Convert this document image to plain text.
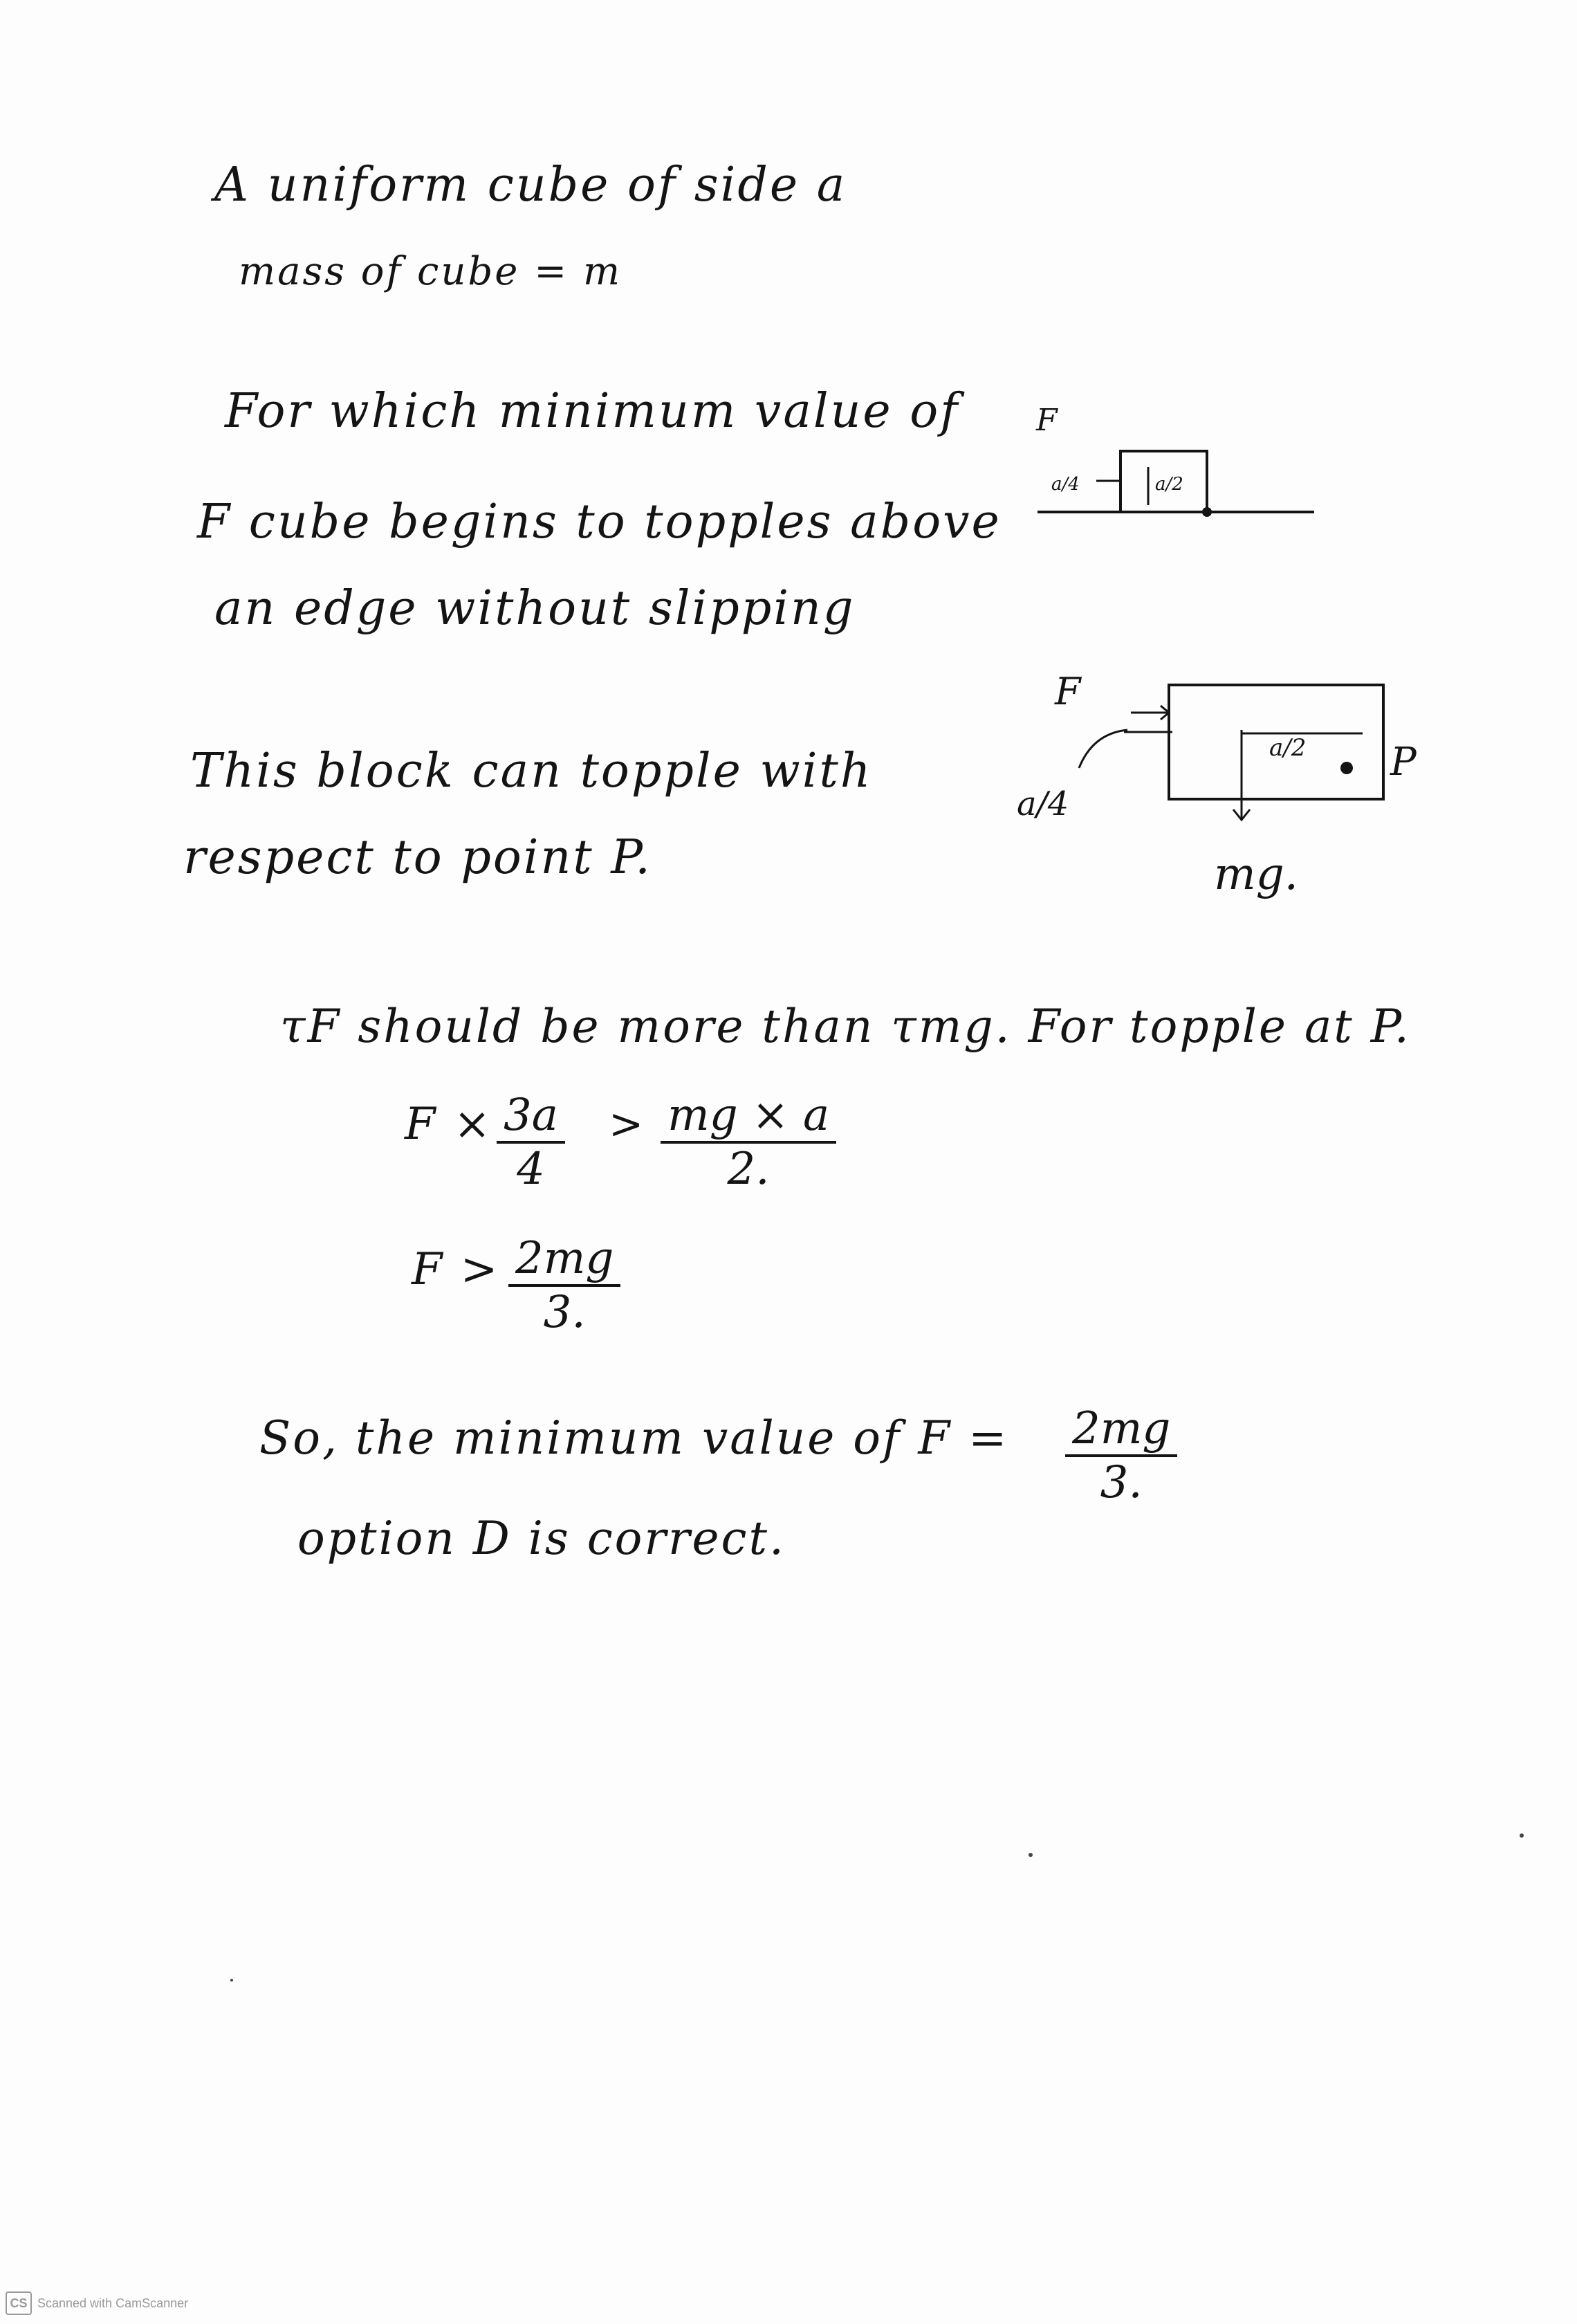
A uniform cube of side a
mass of cube = m
For which minimum value of
F cube begins to topples above
an edge without slipping
F
a/4	a/2
This block can topple with
respect to point P.
F
a/4
a/2 P
mg.
τF should be more than τmg. For topple at P.
$F \times \frac{3a}{4} > \frac{mg \times a}{2.}$
$F > \frac{2mg}{3.}$
So, the minimum value of $F = \frac{2mg}{3.}$
option D is correct.
CS Scanned with CamScanner
